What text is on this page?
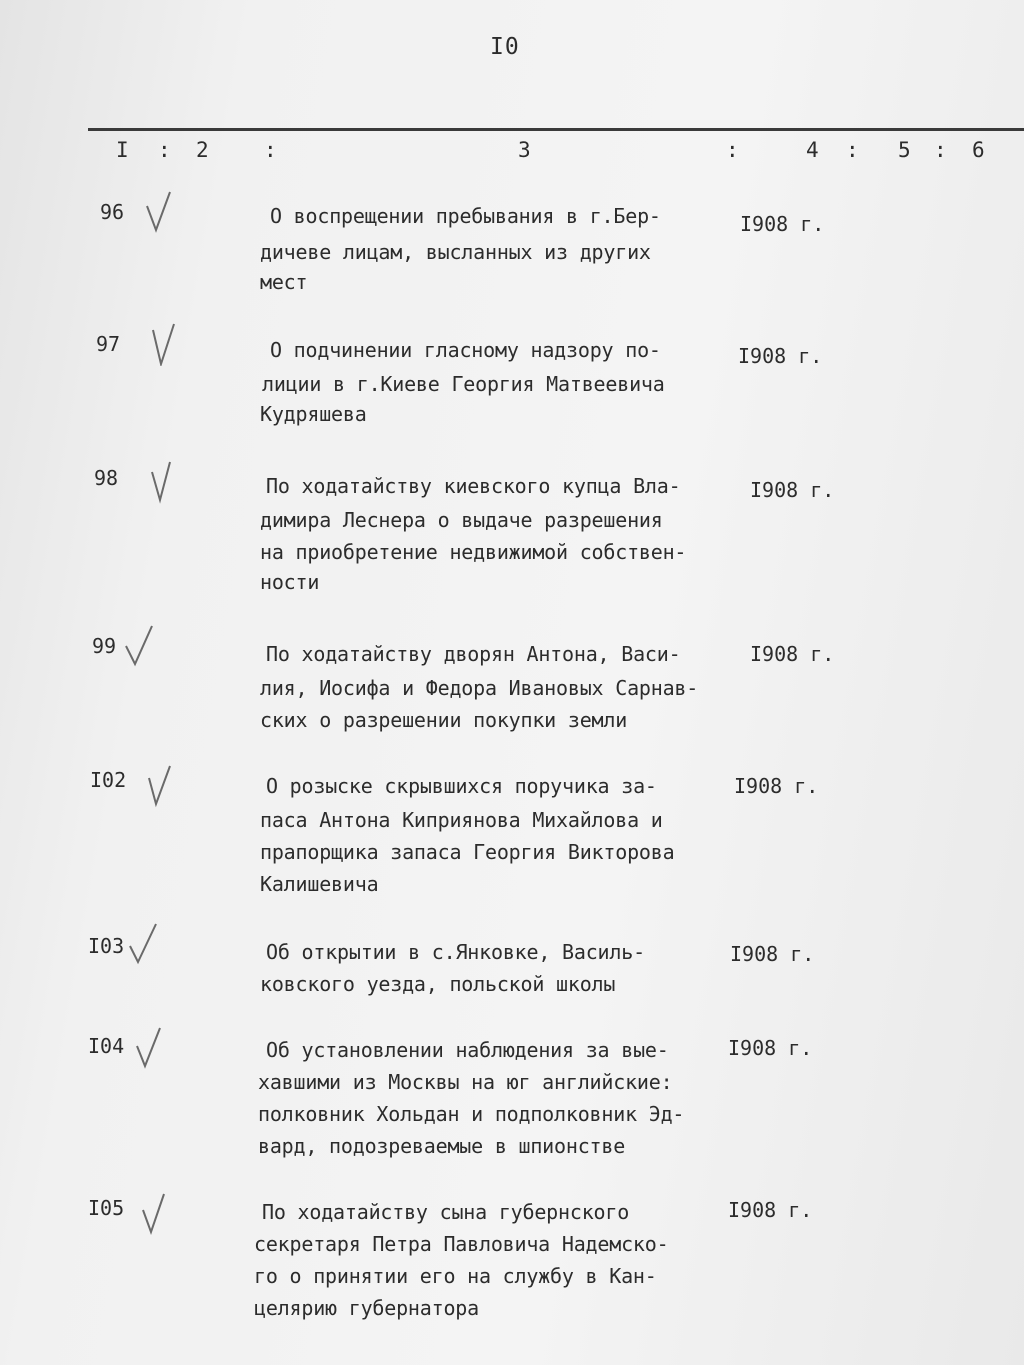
I0
I : 2	:	3	:	4 : 5 : 6
96	О воспрещении пребывания в г.Бер-
дичеве лицам, высланных из других
мест
I908 г.
97	О подчинении гласному надзору по-
лиции в г.Киеве Георгия Матвеевича
Кудряшева
I908 г.
98	По ходатайству киевского купца Вла-
димира Леснера о выдаче разрешения
на приобретение недвижимой собствен-
ности
I908 г.
99	По ходатайству дворян Антона, Васи-
лия, Иосифа и Федора Ивановых Сарнав-
ских о разрешении покупки земли
I908 г.
I02	О розыске скрывшихся поручика за-
паса Антона Киприянова Михайлова и
прапорщика запаса Георгия Викторова
Калишевича
I908 г.
I03	Об открытии в с.Янковке, Василь-
ковского уезда, польской школы
I908 г.
I04	Об установлении наблюдения за вые-
хавшими из Москвы на юг английские:
полковник Хольдан и подполковник Эд-
вард, подозреваемые в шпионстве
I908 г.
I05	По ходатайству сына губернского
секретаря Петра Павловича Надемско-
го о принятии его на службу в Кан-
целярию губернатора
I908 г.
